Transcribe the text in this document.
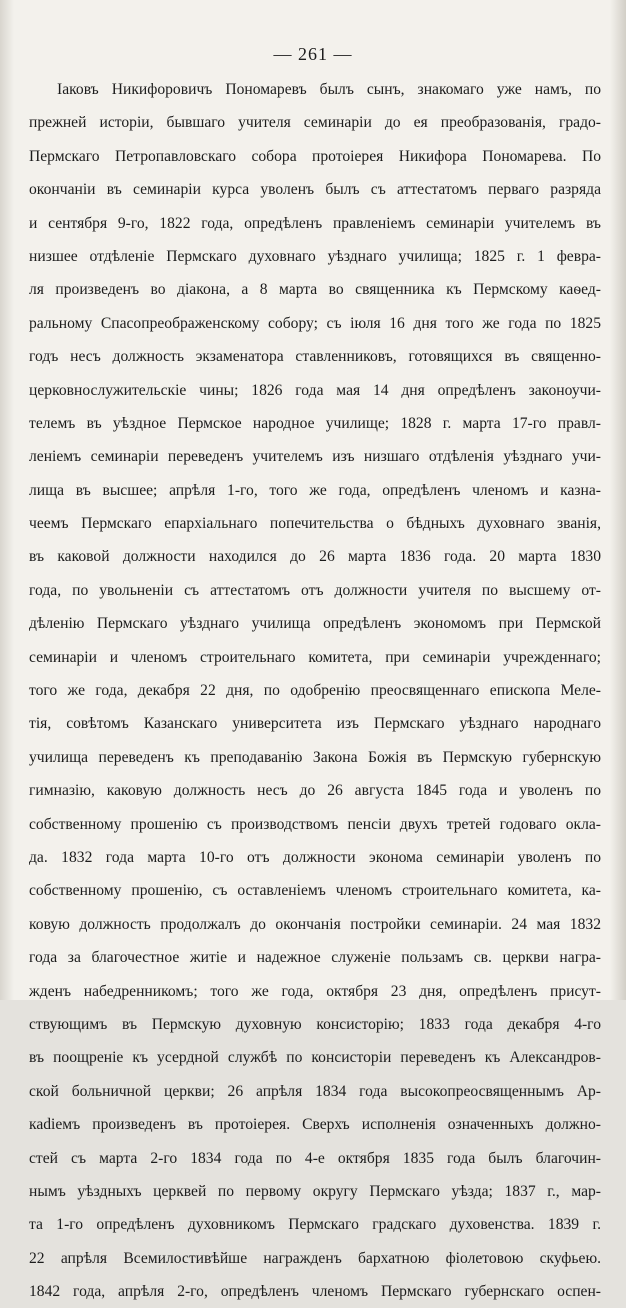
— 261 —
Іаковъ Никифоровичъ Пономаревъ былъ сынъ, знакомаго уже намъ, по
прежней исторіи, бывшаго учителя семинаріи до ея преобразованія, градо-
Пермскаго Петропавловскаго собора протоіерея Никифора Пономарева. По
окончаніи въ семинаріи курса уволенъ былъ съ аттестатомъ перваго разряда
и сентября 9-го, 1822 года, опредѣленъ правленіемъ семинаріи учителемъ въ
низшее отдѣленіе Пермскаго духовнаго уѣзднаго училища; 1825 г. 1 февра-
ля произведенъ во діакона, а 8 марта во священника къ Пермскому каѳед-
ральному Спасопреображенскому собору; съ іюля 16 дня того же года по 1825
годъ несъ должность экзаменатора ставленниковъ, готовящихся въ священно-
церковнослужительскіе чины; 1826 года мая 14 дня опредѣленъ законоучи-
телемъ въ уѣздное Пермское народное училище; 1828 г. марта 17-го правл-
леніемъ семинаріи переведенъ учителемъ изъ низшаго отдѣленія уѣзднаго учи-
лища въ высшее; апрѣля 1-го, того же года, опредѣленъ членомъ и казна-
чеемъ Пермскаго епархіальнаго попечительства о бѣдныхъ духовнаго званія,
въ каковой должности находился до 26 марта 1836 года. 20 марта 1830
года, по увольненіи съ аттестатомъ отъ должности учителя по высшему от-
дѣленію Пермскаго уѣзднаго училища опредѣленъ экономомъ при Пермской
семинаріи и членомъ строительнаго комитета, при семинаріи учрежденнаго;
того же года, декабря 22 дня, по одобренію преосвященнаго епископа Меле-
тія, совѣтомъ Казанскаго университета изъ Пермскаго уѣзднаго народнаго
училища переведенъ къ преподаванію Закона Божія въ Пермскую губернскую
гимназію, каковую должность несъ до 26 августа 1845 года и уволенъ по
собственному прошенію съ производствомъ пенсіи двухъ третей годоваго окла-
да. 1832 года марта 10-го отъ должности эконома семинаріи уволенъ по
собственному прошенію, съ оставленіемъ членомъ строительнаго комитета, ка-
ковую должность продолжалъ до окончанія постройки семинаріи. 24 мая 1832
года за благочестное житіе и надежное служеніе пользамъ св. церкви награ-
жденъ набедренникомъ; того же года, октября 23 дня, опредѣленъ присут-
ствующимъ въ Пермскую духовную консисторію; 1833 года декабря 4-го
въ поощреніе къ усердной службѣ по консисторіи переведенъ къ Александров-
ской больничной церкви; 26 апрѣля 1834 года высокопреосвященнымъ Ар-
каdіемъ произведенъ въ протоіерея. Сверхъ исполненія означенныхъ должно-
стей съ марта 2-го 1834 года по 4-е октября 1835 года былъ благочин-
нымъ уѣздныхъ церквей по первому округу Пермскаго уѣзда; 1837 г., мар-
та 1-го опредѣленъ духовникомъ Пермскаго градскаго духовенства. 1839 г.
22 апрѣля Всемилостивѣйше награжденъ бархатною фіолетовою скуфьею.
1842 года, апрѣля 2-го, опредѣленъ членомъ Пермскаго губернскаго оспен-
